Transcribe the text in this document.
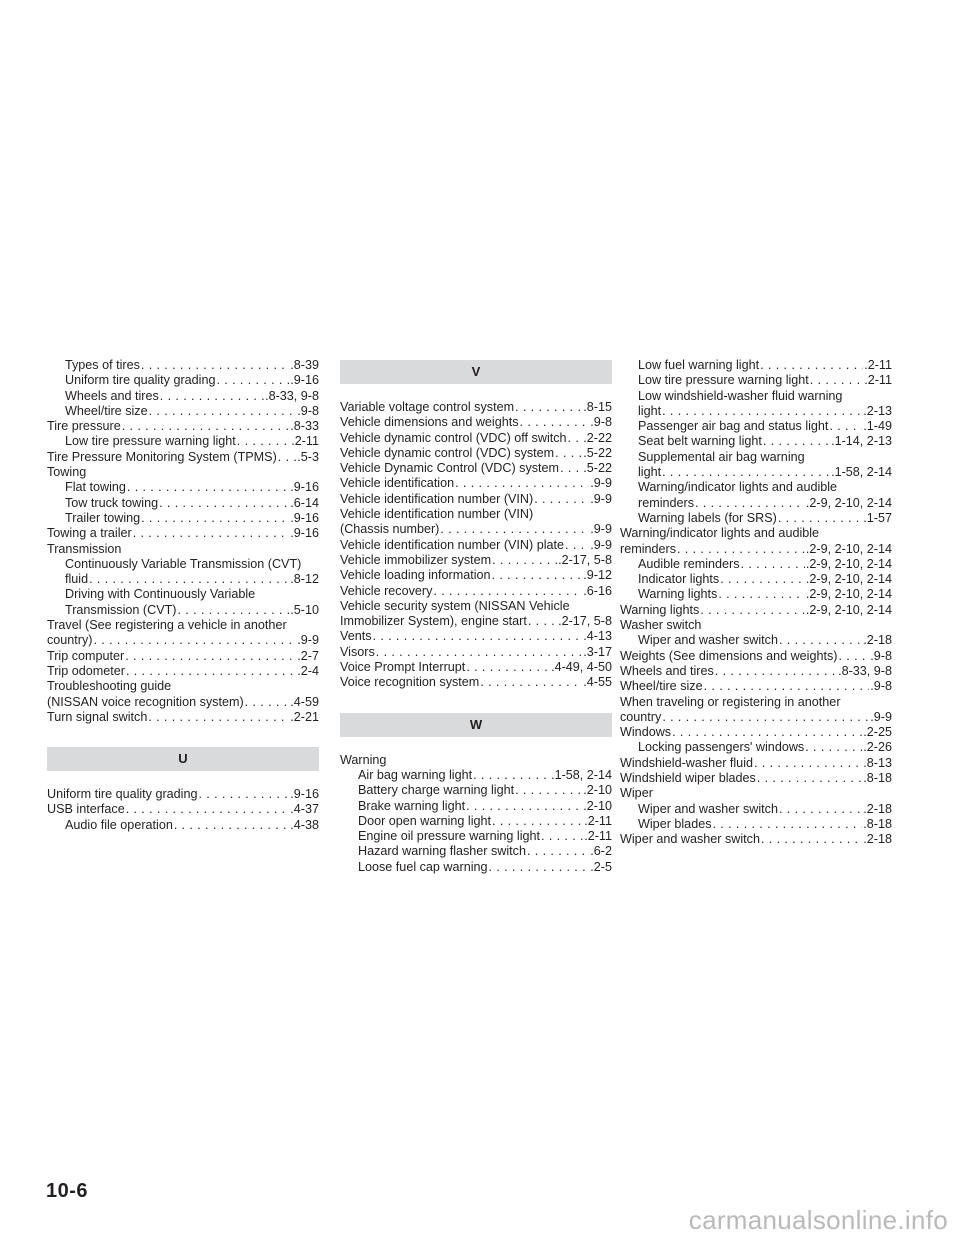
Types of tires . . .	.8-39
Uniform tire quality grading . . .	.9-16
Wheels and tires . . .	.8-33, 9-8
Wheel/tire size . . .	.9-8
Tire pressure . . .	.8-33
Low tire pressure warning light . . .	.2-11
Tire Pressure Monitoring System (TPMS) . . . .5-3
Towing
Flat towing . . .	.9-16
Tow truck towing . . .	.6-14
Trailer towing . . .	.9-16
Towing a trailer . . .	.9-16
Transmission
Continuously Variable Transmission (CVT)
fluid . . .	.8-12
Driving with Continuously Variable
Transmission (CVT) . . .	.5-10
Travel (See registering a vehicle in another
country) . . .	.9-9
Trip computer . . .	.2-7
Trip odometer . . .	.2-4
Troubleshooting guide
(NISSAN voice recognition system) . . .	.4-59
Turn signal switch . . .	.2-21
U
Uniform tire quality grading . . .	.9-16
USB interface . . .	.4-37
Audio file operation . . .	.4-38
V
Variable voltage control system . . .	.8-15
Vehicle dimensions and weights . . .	.9-8
Vehicle dynamic control (VDC) off switch . . . .2-22
Vehicle dynamic control (VDC) system . . . .5-22
Vehicle Dynamic Control (VDC) system . . . .5-22
Vehicle identification . . .	.9-9
Vehicle identification number (VIN) . . .	.9-9
Vehicle identification number (VIN)
(Chassis number) . . .	.9-9
Vehicle identification number (VIN) plate . . . .9-9
Vehicle immobilizer system . . .	.2-17, 5-8
Vehicle loading information . . .	.9-12
Vehicle recovery . . .	.6-16
Vehicle security system (NISSAN Vehicle
Immobilizer System), engine start . . . .2-17, 5-8
Vents . . .	.4-13
Visors . . .	.3-17
Voice Prompt Interrupt . . .	.4-49, 4-50
Voice recognition system . . .	.4-55
W
Warning
Air bag warning light . . .	.1-58, 2-14
Battery charge warning light . . .	.2-10
Brake warning light . . .	.2-10
Door open warning light . . .	.2-11
Engine oil pressure warning light . . .	.2-11
Hazard warning flasher switch . . .	.6-2
Loose fuel cap warning . . .	.2-5
Low fuel warning light . . .	.2-11
Low tire pressure warning light . . .	.2-11
Low windshield-washer fluid warning
light . . .	.2-13
Passenger air bag and status light . . .	.1-49
Seat belt warning light . . .	.1-14, 2-13
Supplemental air bag warning
light . . .	.1-58, 2-14
Warning/indicator lights and audible
reminders . . .	.2-9, 2-10, 2-14
Warning labels (for SRS) . . .	.1-57
Warning/indicator lights and audible
reminders . . .	.2-9, 2-10, 2-14
Audible reminders . . .	.2-9, 2-10, 2-14
Indicator lights . . .	.2-9, 2-10, 2-14
Warning lights . . .	.2-9, 2-10, 2-14
Warning lights . . .	.2-9, 2-10, 2-14
Washer switch
Wiper and washer switch . . .	.2-18
Weights (See dimensions and weights) . . .	.9-8
Wheels and tires . . .	.8-33, 9-8
Wheel/tire size . . .	.9-8
When traveling or registering in another
country . . .	.9-9
Windows . . .	.2-25
Locking passengers' windows . . .	.2-26
Windshield-washer fluid . . .	.8-13
Windshield wiper blades . . .	.8-18
Wiper
Wiper and washer switch . . .	.2-18
Wiper blades . . .	.8-18
Wiper and washer switch . . .	.2-18
10-6
carmanualsonline.info
